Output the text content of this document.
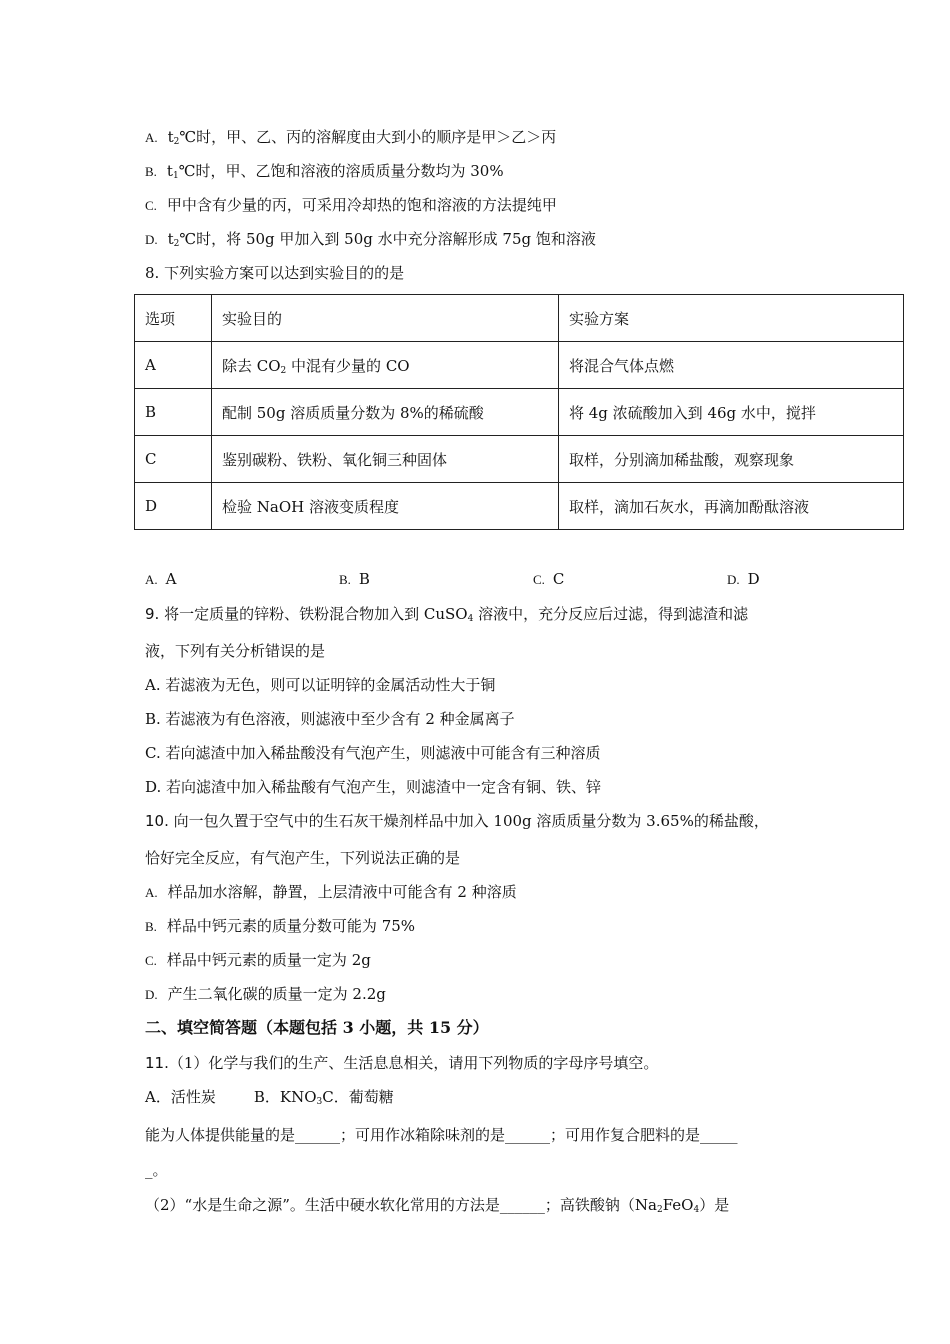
A. $t_2℃$时，甲、乙、丙的溶解度由大到小的顺序是甲＞乙＞丙
B. $t_1℃$时，甲、乙饱和溶液的溶质质量分数均为 30%
C. 甲中含有少量的丙，可采用冷却热的饱和溶液的方法提纯甲
D. $t_2℃$时，将 50g 甲加入到 50g 水中充分溶解形成 75g 饱和溶液
8. 下列实验方案可以达到实验目的的是
选项	实验目的	实验方案
A	除去 $CO_2$ 中混有少量的 CO	将混合气体点燃
B	配制 50g 溶质质量分数为 8%的稀硫酸	将 4g 浓硫酸加入到 46g 水中，搅拌
C	鉴别碳粉、铁粉、氧化铜三种固体	取样，分别滴加稀盐酸，观察现象
D	检验 NaOH 溶液变质程度	取样，滴加石灰水，再滴加酚酞溶液
A. A	B. B	C. C	D. D
9. 将一定质量的锌粉、铁粉混合物加入到 CuSO$_4$ 溶液中，充分反应后过滤，得到滤渣和滤
液，下列有关分析错误的是
A. 若滤液为无色，则可以证明锌的金属活动性大于铜
B. 若滤液为有色溶液，则滤液中至少含有 2 种金属离子
C. 若向滤渣中加入稀盐酸没有气泡产生，则滤液中可能含有三种溶质
D. 若向滤渣中加入稀盐酸有气泡产生，则滤渣中一定含有铜、铁、锌
10. 向一包久置于空气中的生石灰干燥剂样品中加入 100g 溶质质量分数为 3.65%的稀盐酸，
恰好完全反应，有气泡产生，下列说法正确的是
A. 样品加水溶解，静置，上层清液中可能含有 2 种溶质
B. 样品中钙元素的质量分数可能为 75%
C. 样品中钙元素的质量一定为 2g
D. 产生二氧化碳的质量一定为 2.2g
二、填空简答题（本题包括 3 小题，共 15 分）
11.（1）化学与我们的生产、生活息息相关，请用下列物质的字母序号填空。
A．活性炭	B．$KNO_3C$．葡萄糖
能为人体提供能量的是______；可用作冰箱除味剂的是______；可用作复合肥料的是_____
_。
（2）“水是生命之源”。生活中硬水软化常用的方法是______；高铁酸钠$(Na_2FeO_4)$是
